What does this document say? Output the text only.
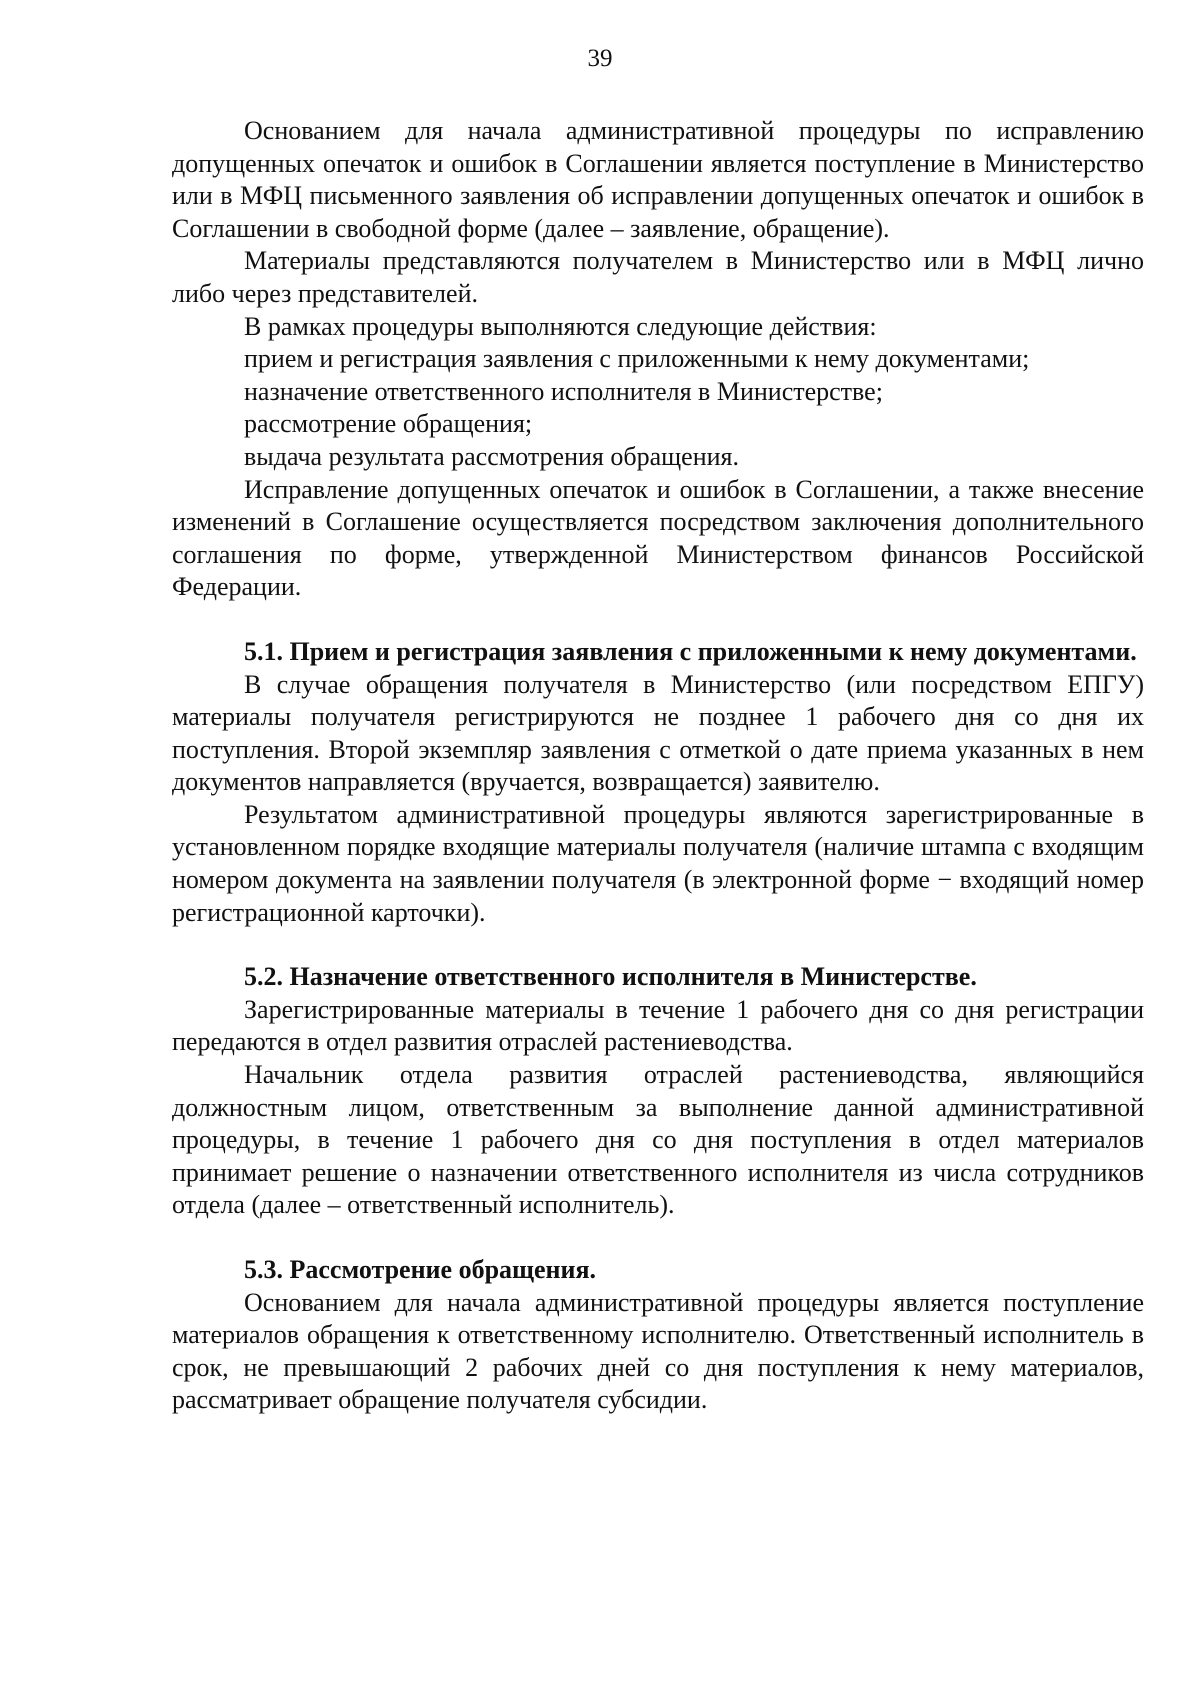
39

Основанием для начала административной процедуры по исправлению допущенных опечаток и ошибок в Соглашении является поступление в Министерство или в МФЦ письменного заявления об исправлении допущенных опечаток и ошибок в Соглашении в свободной форме (далее – заявление, обращение).

Материалы представляются получателем в Министерство или в МФЦ лично либо через представителей.

В рамках процедуры выполняются следующие действия:

прием и регистрация заявления с приложенными к нему документами;

назначение ответственного исполнителя в Министерстве;

рассмотрение обращения;

выдача результата рассмотрения обращения.

Исправление допущенных опечаток и ошибок в Соглашении, а также внесение изменений в Соглашение осуществляется посредством заключения дополнительного соглашения по форме, утвержденной Министерством финансов Российской Федерации.

5.1. Прием и регистрация заявления с приложенными к нему документами.

В случае обращения получателя в Министерство (или посредством ЕПГУ) материалы получателя регистрируются не позднее 1 рабочего дня со дня их поступления. Второй экземпляр заявления с отметкой о дате приема указанных в нем документов направляется (вручается, возвращается) заявителю.

Результатом административной процедуры являются зарегистрированные в установленном порядке входящие материалы получателя (наличие штампа с входящим номером документа на заявлении получателя (в электронной форме − входящий номер регистрационной карточки).

5.2. Назначение ответственного исполнителя в Министерстве.

Зарегистрированные материалы в течение 1 рабочего дня со дня регистрации передаются в отдел развития отраслей растениеводства.

Начальник отдела развития отраслей растениеводства, являющийся должностным лицом, ответственным за выполнение данной административной процедуры, в течение 1 рабочего дня со дня поступления в отдел материалов принимает решение о назначении ответственного исполнителя из числа сотрудников отдела (далее – ответственный исполнитель).

5.3. Рассмотрение обращения.

Основанием для начала административной процедуры является поступление материалов обращения к ответственному исполнителю. Ответственный исполнитель в срок, не превышающий 2 рабочих дней со дня поступления к нему материалов, рассматривает обращение получателя субсидии.
